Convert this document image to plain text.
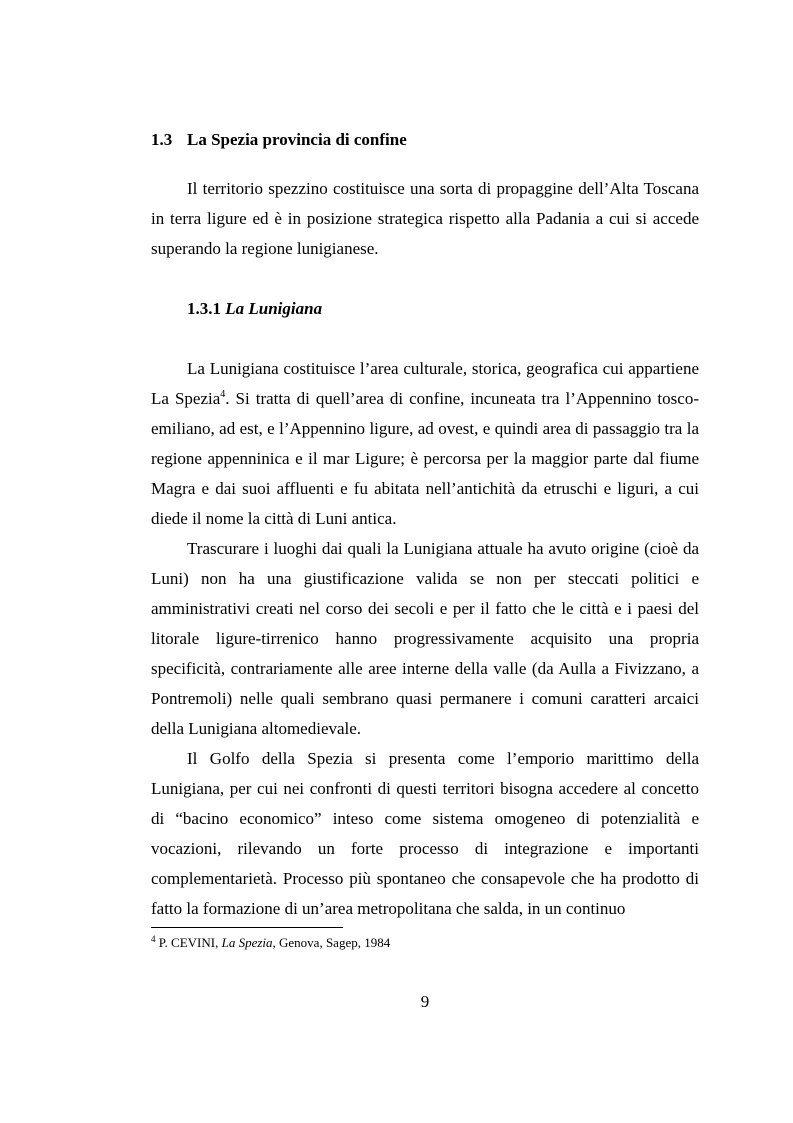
1.3 La Spezia provincia di confine

Il territorio spezzino costituisce una sorta di propaggine dell’Alta Toscana in terra ligure ed è in posizione strategica rispetto alla Padania a cui si accede superando la regione lunigianese.

1.3.1 La Lunigiana

La Lunigiana costituisce l’area culturale, storica, geografica cui appartiene La Spezia$^4$. Si tratta di quell’area di confine, incuneata tra l’Appennino tosco-emiliano, ad est, e l’Appennino ligure, ad ovest, e quindi area di passaggio tra la regione appenninica e il mar Ligure; è percorsa per la maggior parte dal fiume Magra e dai suoi affluenti e fu abitata nell’antichità da etruschi e liguri, a cui diede il nome la città di Luni antica.

Trascurare i luoghi dai quali la Lunigiana attuale ha avuto origine (cioè da Luni) non ha una giustificazione valida se non per steccati politici e amministrativi creati nel corso dei secoli e per il fatto che le città e i paesi del litorale ligure-tirrenico hanno progressivamente acquisito una propria specificità, contrariamente alle aree interne della valle (da Aulla a Fivizzano, a Pontremoli) nelle quali sembrano quasi permanere i comuni caratteri arcaici della Lunigiana altomedievale.

Il Golfo della Spezia si presenta come l’emporio marittimo della Lunigiana, per cui nei confronti di questi territori bisogna accedere al concetto di “bacino economico” inteso come sistema omogeneo di potenzialità e vocazioni, rilevando un forte processo di integrazione e importanti complementarietà. Processo più spontaneo che consapevole che ha prodotto di fatto la formazione di un’area metropolitana che salda, in un continuo

$^4$ P. CEVINI, La Spezia, Genova, Sagep, 1984
9
